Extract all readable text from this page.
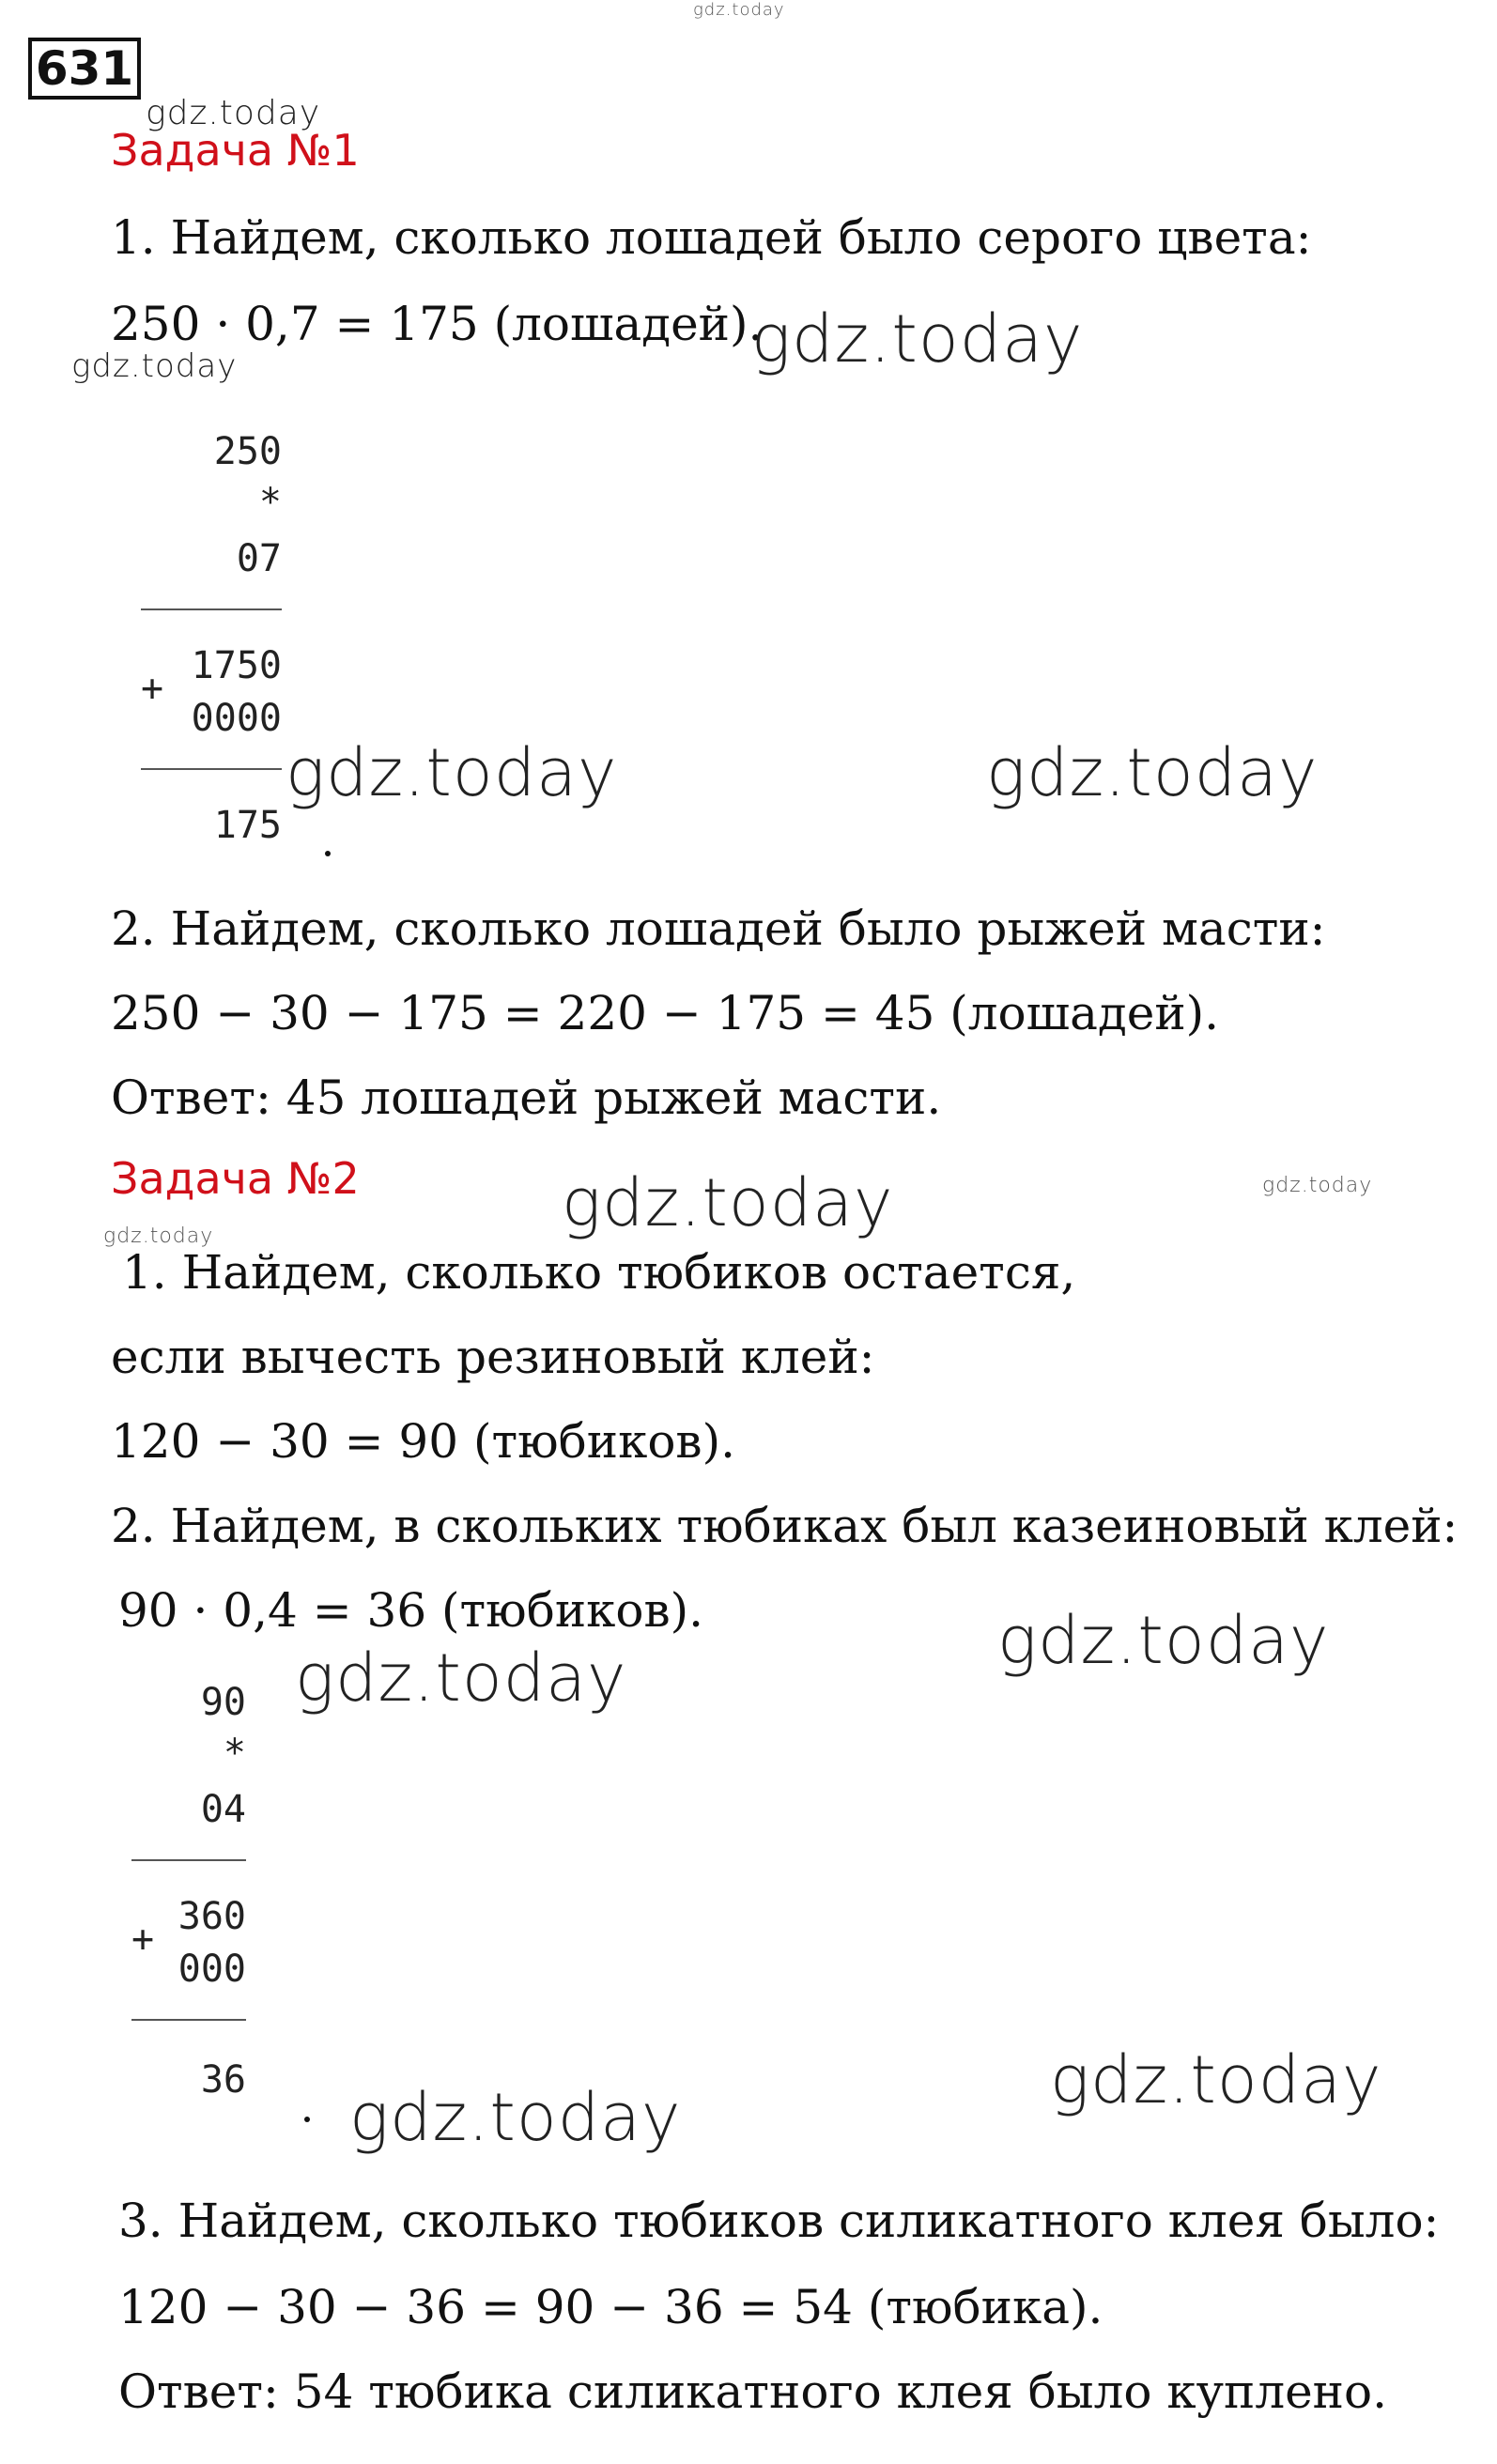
gdz.today
631
gdz.today
Задача №1
1. Найдем, сколько лошадей было серого цвета:
250 · 0,7 = 175 (лошадей).
gdz.today
gdz.today
250
*
07
+
1750
0000
175
gdz.today	gdz.today
2. Найдем, сколько лошадей было рыжей масти:
250 − 30 − 175 = 220 − 175 = 45 (лошадей).
Ответ: 45 лошадей рыжей масти.
Задача №2	gdz.today	gdz.today
gdz.today
1. Найдем, сколько тюбиков остается,
если вычесть резиновый клей:
120 − 30 = 90 (тюбиков).
2. Найдем, в скольких тюбиках был казеиновый клей:
90 · 0,4 = 36 (тюбиков).	gdz.today
gdz.today
90
*
04
+
360
000
36 gdz.today	gdz.today
3. Найдем, сколько тюбиков силикатного клея было:
120 − 30 − 36 = 90 − 36 = 54 (тюбика).
Ответ: 54 тюбика силикатного клея было куплено.
